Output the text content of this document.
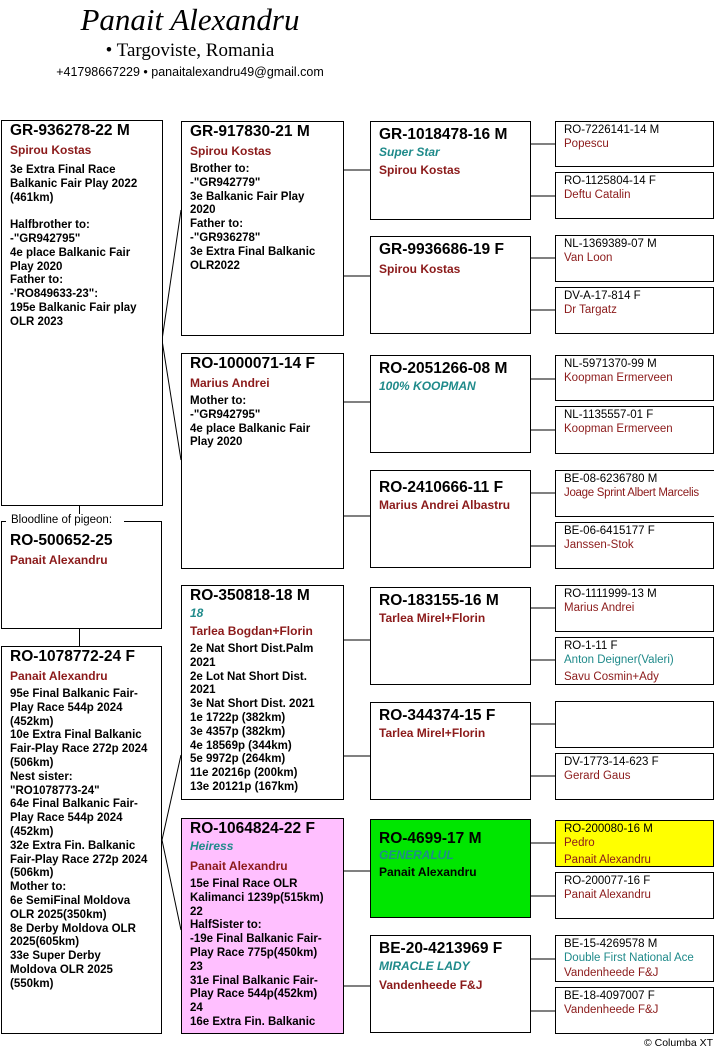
Panait Alexandru
• Targoviste, Romania
+41798667229 • panaitalexandru49@gmail.com
GR-936278-22 M
Spirou Kostas
3e Extra Final Race
Balkanic Fair Play 2022
(461km)

Halfbrother to:
-"GR942795"
4e place Balkanic Fair
Play 2020
Father to:
-'RO849633-23":
195e Balkanic Fair play
OLR 2023
RO-500652-25
Panait Alexandru
Bloodline of pigeon:
RO-1078772-24 F
Panait Alexandru
95e Final Balkanic Fair-
Play Race 544p 2024
(452km)
10e Extra Final Balkanic
Fair-Play Race 272p 2024
(506km)
Nest sister:
"RO1078773-24"
64e Final Balkanic Fair-
Play Race 544p 2024
(452km)
32e Extra Fin. Balkanic
Fair-Play Race 272p 2024
(506km)
Mother to:
6e SemiFinal Moldova
OLR 2025(350km)
8e Derby Moldova OLR
2025(605km)
33e Super Derby
Moldova OLR 2025
(550km)
GR-917830-21 M
Spirou Kostas
Brother to:
-"GR942779"
3e Balkanic Fair Play
2020
Father to:
-"GR936278"
3e Extra Final Balkanic
OLR2022
RO-1000071-14 F
Marius Andrei
Mother to:
-"GR942795"
4e place Balkanic Fair
Play 2020
RO-350818-18 M
18
Tarlea Bogdan+Florin
2e Nat Short Dist.Palm
2021
2e Lot Nat Short Dist.
2021
3e Nat Short Dist. 2021
1e 1722p (382km)
3e 4357p (382km)
4e 18569p (344km)
5e 9972p (264km)
11e 20216p (200km)
13e 20121p (167km)
RO-1064824-22 F
Heiress
Panait Alexandru
15e Final Race OLR
Kalimanci 1239p(515km)
22
HalfSister to:
-19e Final Balkanic Fair-
Play Race 775p(450km)
23
31e Final Balkanic Fair-
Play Race 544p(452km)
24
16e Extra Fin. Balkanic
GR-1018478-16 M
Super Star
Spirou Kostas
GR-9936686-19 F
Spirou Kostas
RO-2051266-08 M
100% KOOPMAN
RO-2410666-11 F
Marius Andrei Albastru
RO-183155-16 M
Tarlea Mirel+Florin
RO-344374-15 F
Tarlea Mirel+Florin
RO-4699-17 M
GENERALUL
Panait Alexandru
BE-20-4213969 F
MIRACLE LADY
Vandenheede F&J
RO-7226141-14 M
Popescu
RO-1125804-14 F
Deftu Catalin
NL-1369389-07 M
Van Loon
DV-A-17-814 F
Dr Targatz
NL-5971370-99 M
Koopman Ermerveen
NL-1135557-01 F
Koopman Ermerveen
BE-08-6236780 M
Joage Sprint Albert Marcelis
BE-06-6415177 F
Janssen-Stok
RO-1111999-13 M
Marius Andrei
RO-1-11 F
Anton Deigner(Valeri)
Savu Cosmin+Ady
DV-1773-14-623 F
Gerard Gaus
RO-200080-16 M
Pedro
Panait Alexandru
RO-200077-16 F
Panait Alexandru
BE-15-4269578 M
Double First National Ace
Vandenheede F&J
BE-18-4097007 F
Vandenheede F&J
© Columba XT
